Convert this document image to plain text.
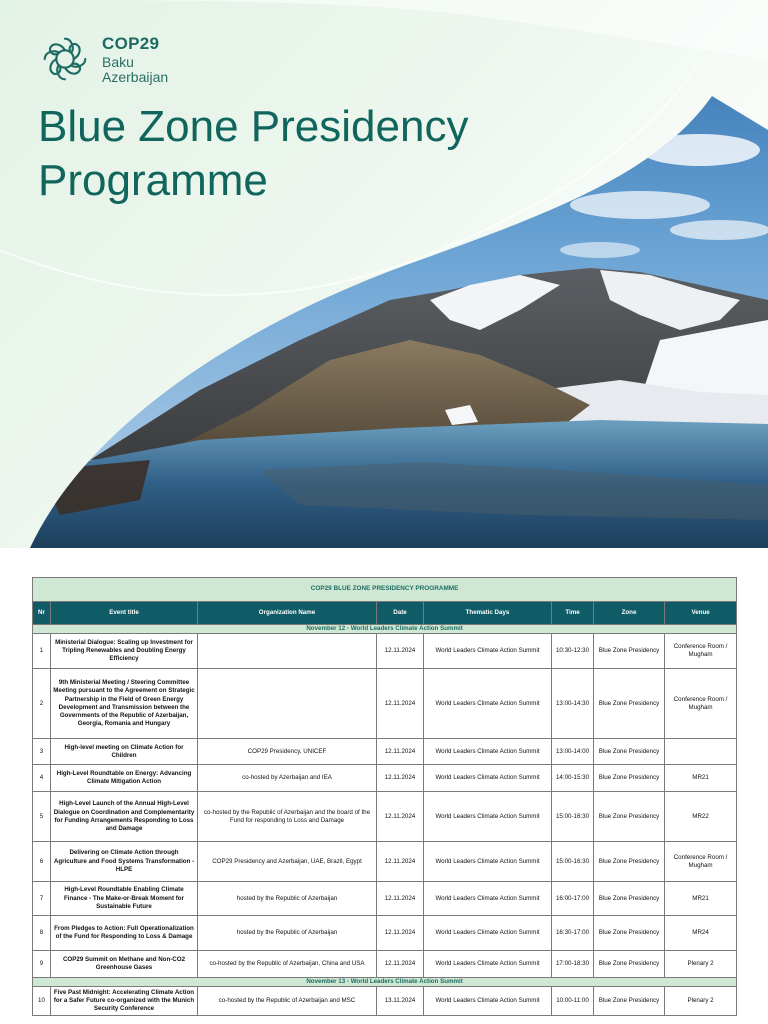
COP29
Baku
Azerbaijan
Blue Zone Presidency
Programme
COP29 BLUE ZONE PRESIDENCY PROGRAMME							
Nr	Event title	Organization Name	Date	Thematic Days	Time	Zone	Venue
November 12 - World Leaders Climate Action Summit							
1	Ministerial Dialogue: Scaling up Investment for Tripling Renewables and Doubling Energy Efficiency		12.11.2024	World Leaders Climate Action Summit	10:30-12:30	Blue Zone Presidency	Conference Room / Mugham
2	9th Ministerial Meeting / Steering Committee Meeting pursuant to the Agreement on Strategic Partnership in the Field of Green Energy Development and Transmission between the Governments of the Republic of Azerbaijan, Georgia, Romania and Hungary		12.11.2024	World Leaders Climate Action Summit	13:00-14:30	Blue Zone Presidency	Conference Room / Mugham
3	High-level meeting on Climate Action for Children	COP29 Presidency, UNICEF	12.11.2024	World Leaders Climate Action Summit	13:00-14:00	Blue Zone Presidency	
4	High-Level Roundtable on Energy: Advancing Climate Mitigation Action	co-hosted by Azerbaijan and IEA	12.11.2024	World Leaders Climate Action Summit	14:00-15:30	Blue Zone Presidency	MR21
5	High-Level Launch of the Annual High-Level Dialogue on Coordination and Complementarity for Funding Arrangements Responding to Loss and Damage	co-hosted by the Republic of Azerbaijan and the board of the Fund for responding to Loss and Damage	12.11.2024	World Leaders Climate Action Summit	15:00-16:30	Blue Zone Presidency	MR22
6	Delivering on Climate Action through Agriculture and Food Systems Transformation - HLPE	COP29 Presidency and Azerbaijan, UAE, Brazil, Egypt	12.11.2024	World Leaders Climate Action Summit	15:00-16:30	Blue Zone Presidency	Conference Room / Mugham
7	High-Level Roundtable Enabling Climate Finance - The Make-or-Break Moment for Sustainable Future	hosted by the Republic of Azerbaijan	12.11.2024	World Leaders Climate Action Summit	16:00-17:00	Blue Zone Presidency	MR21
8	From Pledges to Action: Full Operationalization of the Fund for Responding to Loss & Damage	hosted by the Republic of Azerbaijan	12.11.2024	World Leaders Climate Action Summit	16:30-17:00	Blue Zone Presidency	MR24
9	COP29 Summit on Methane and Non-CO2 Greenhouse Gases	co-hosted by the Republic of Azerbaijan, China and USA	12.11.2024	World Leaders Climate Action Summit	17:00-18:30	Blue Zone Presidency	Plenary 2
November 13 - World Leaders Climate Action Summit							
10	Five Past Midnight: Accelerating Climate Action for a Safer Future co-organized with the Munich Security Conference	co-hosted by the Republic of Azerbaijan and MSC	13.11.2024	World Leaders Climate Action Summit	10:00-11:00	Blue Zone Presidency	Plenary 2
